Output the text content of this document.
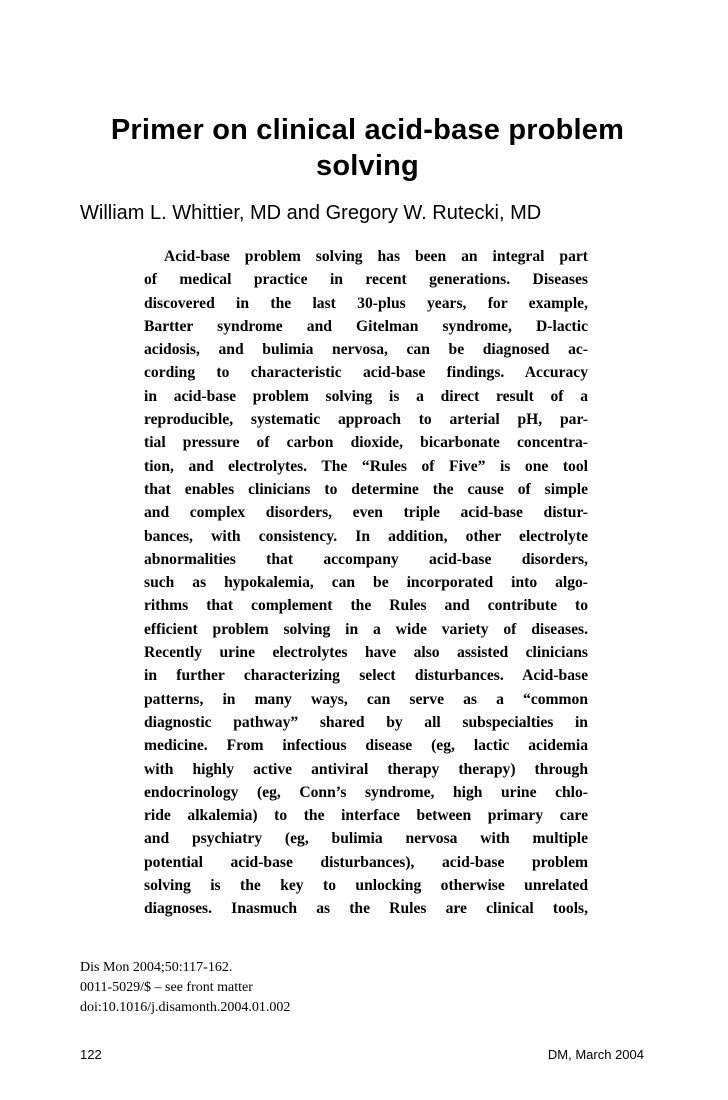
Primer on clinical acid-base problem solving
William L. Whittier, MD and Gregory W. Rutecki, MD
Acid-base problem solving has been an integral part
of medical practice in recent generations. Diseases
discovered in the last 30-plus years, for example,
Bartter syndrome and Gitelman syndrome, D-lactic
acidosis, and bulimia nervosa, can be diagnosed ac-
cording to characteristic acid-base findings. Accuracy
in acid-base problem solving is a direct result of a
reproducible, systematic approach to arterial pH, par-
tial pressure of carbon dioxide, bicarbonate concentra-
tion, and electrolytes. The “Rules of Five” is one tool
that enables clinicians to determine the cause of simple
and complex disorders, even triple acid-base distur-
bances, with consistency. In addition, other electrolyte
abnormalities that accompany acid-base disorders,
such as hypokalemia, can be incorporated into algo-
rithms that complement the Rules and contribute to
efficient problem solving in a wide variety of diseases.
Recently urine electrolytes have also assisted clinicians
in further characterizing select disturbances. Acid-base
patterns, in many ways, can serve as a “common
diagnostic pathway” shared by all subspecialties in
medicine. From infectious disease (eg, lactic acidemia
with highly active antiviral therapy therapy) through
endocrinology (eg, Conn’s syndrome, high urine chlo-
ride alkalemia) to the interface between primary care
and psychiatry (eg, bulimia nervosa with multiple
potential acid-base disturbances), acid-base problem
solving is the key to unlocking otherwise unrelated
diagnoses. Inasmuch as the Rules are clinical tools,
Dis Mon 2004;50:117-162.
0011-5029/$ – see front matter
doi:10.1016/j.disamonth.2004.01.002
122	DM, March 2004
